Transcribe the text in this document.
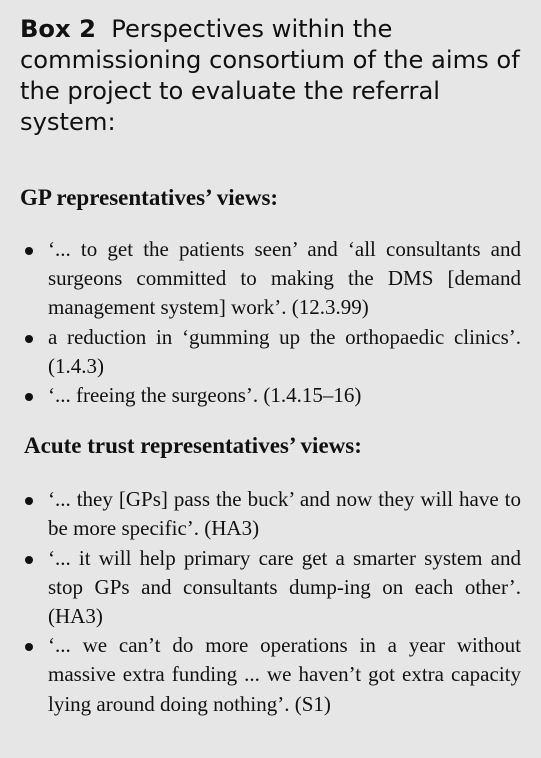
Box 2 Perspectives within the commissioning consortium of the aims of the project to evaluate the referral system:

GP representatives’ views:

‘... to get the patients seen’ and ‘all consultants and surgeons committed to making the DMS [demand management system] work’. (12.3.99)
a reduction in ‘gumming up the orthopaedic clinics’. (1.4.3)
‘... freeing the surgeons’. (1.4.15–16)

Acute trust representatives’ views:

‘... they [GPs] pass the buck’ and now they will have to be more specific’. (HA3)
‘... it will help primary care get a smarter system and stop GPs and consultants dump-ing on each other’. (HA3)
‘... we can’t do more operations in a year without massive extra funding ... we haven’t got extra capacity lying around doing nothing’. (S1)
